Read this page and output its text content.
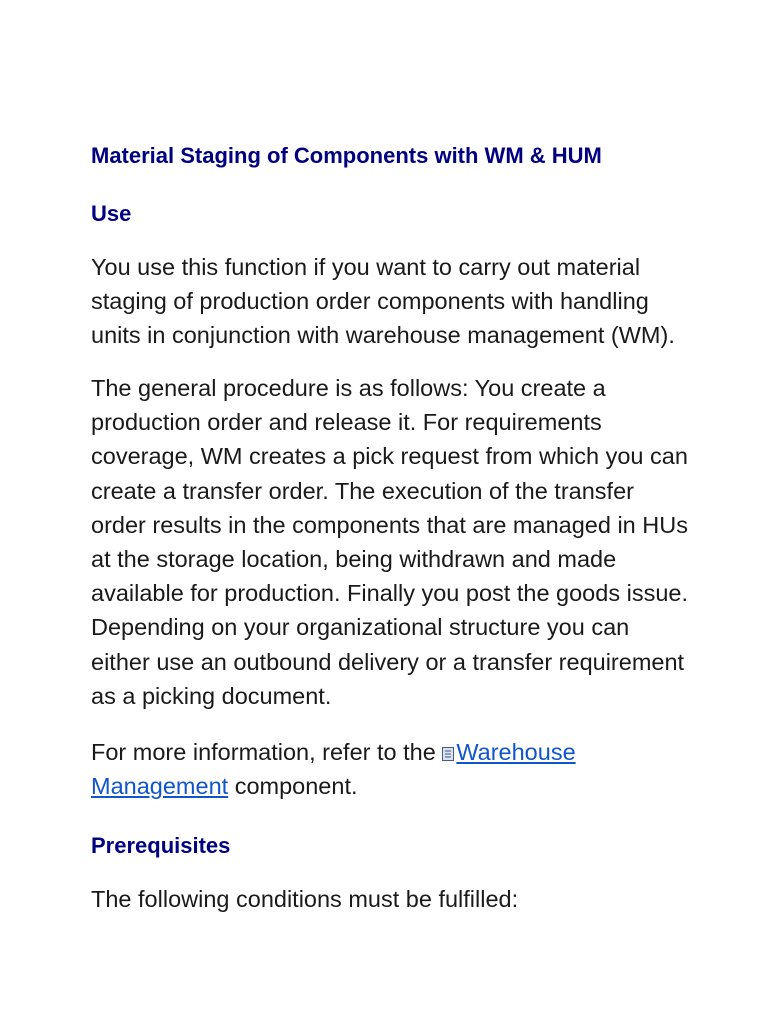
Material Staging of Components with WM & HUM
Use

You use this function if you want to carry out material staging of production order components with handling units in conjunction with warehouse management (WM).

The general procedure is as follows: You create a production order and release it. For requirements coverage, WM creates a pick request from which you can create a transfer order. The execution of the transfer order results in the components that are managed in HUs at the storage location, being withdrawn and made available for production. Finally you post the goods issue. Depending on your organizational structure you can either use an outbound delivery or a transfer requirement as a picking document.

For more information, refer to the
Warehouse Management component.

Prerequisites

The following conditions must be fulfilled:
